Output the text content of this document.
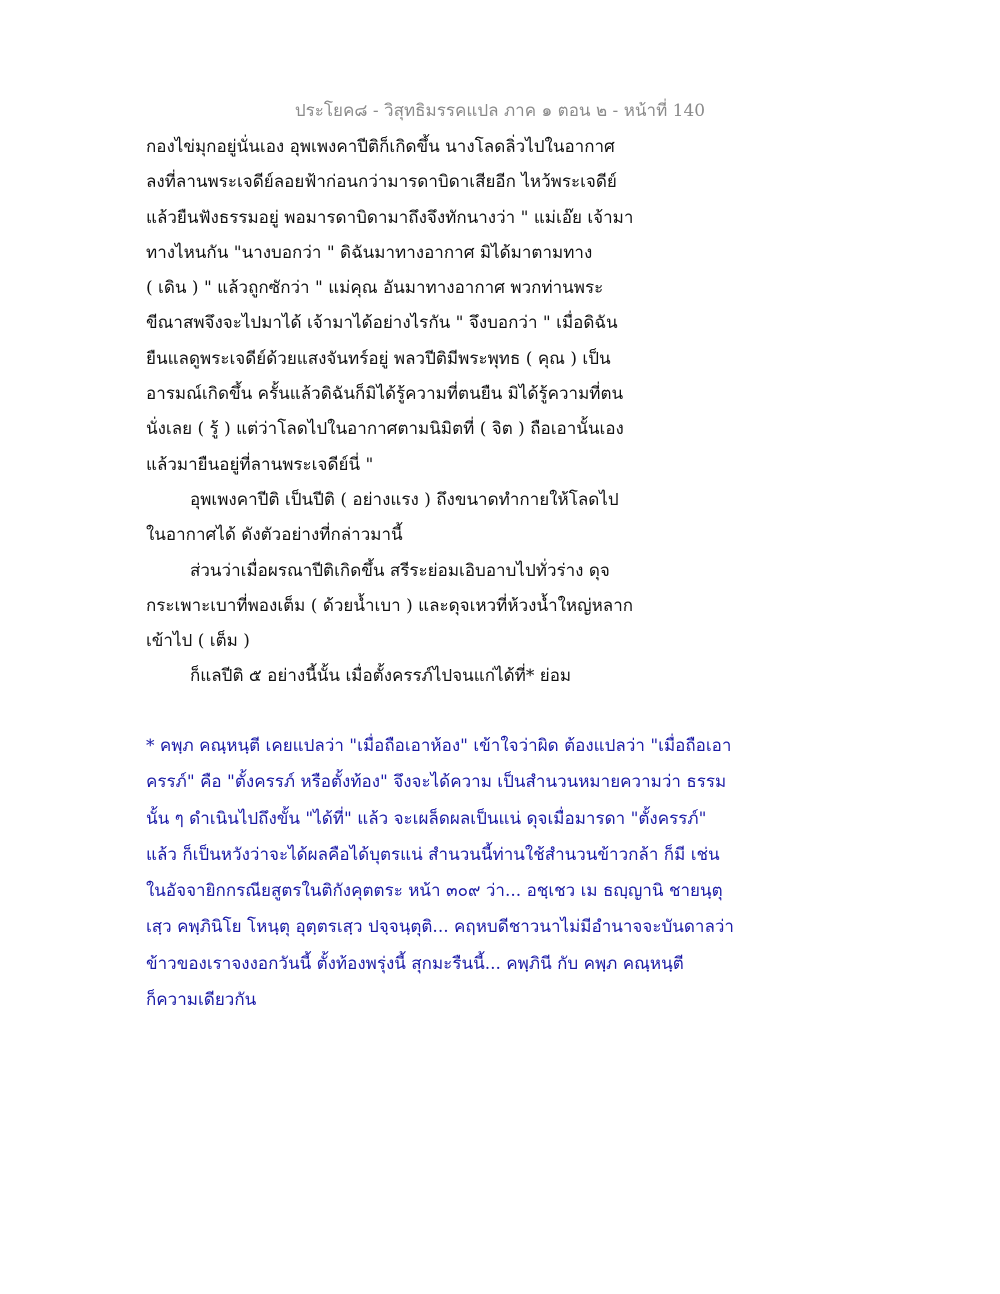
ประโยค๘ - วิสุทธิมรรคแปล ภาค ๑ ตอน ๒ - หน้าที่ 140
กองไข่มุกอยู่นั่นเอง อุพเพงคาปีติก็เกิดขึ้น นางโลดลิ่วไปในอากาศ
ลงที่ลานพระเจดีย์ลอยฟ้าก่อนกว่ามารดาบิดาเสียอีก ไหว้พระเจดีย์
แล้วยืนฟังธรรมอยู่ พอมารดาบิดามาถึงจึงทักนางว่า " แม่เอ๊ย เจ้ามา
ทางไหนกัน "นางบอกว่า " ดิฉันมาทางอากาศ มิได้มาตามทาง
( เดิน ) " แล้วถูกซักว่า " แม่คุณ อันมาทางอากาศ พวกท่านพระ
ขีณาสพจึงจะไปมาได้ เจ้ามาได้อย่างไรกัน " จึงบอกว่า " เมื่อดิฉัน
ยืนแลดูพระเจดีย์ด้วยแสงจันทร์อยู่ พลวปีติมีพระพุทธ ( คุณ ) เป็น
อารมณ์เกิดขึ้น ครั้นแล้วดิฉันก็มิได้รู้ความที่ตนยืน มิได้รู้ความที่ตน
นั่งเลย ( รู้ ) แต่ว่าโลดไปในอากาศตามนิมิตที่ ( จิต ) ถือเอานั้นเอง
แล้วมายืนอยู่ที่ลานพระเจดีย์นี่ "
อุพเพงคาปีติ เป็นปีติ ( อย่างแรง ) ถึงขนาดทำกายให้โลดไป
ในอากาศได้ ดังตัวอย่างที่กล่าวมานี้
ส่วนว่าเมื่อผรณาปีติเกิดขึ้น สรีระย่อมเอิบอาบไปทั่วร่าง ดุจ
กระเพาะเบาที่พองเต็ม ( ด้วยน้ำเบา ) และดุจเหวที่ห้วงน้ำใหญ่หลาก
เข้าไป ( เต็ม )
ก็แลปีติ ๕ อย่างนี้นั้น เมื่อตั้งครรภ์ไปจนแก่ได้ที่* ย่อม
* คพฺภ คณฺหนฺตี เคยแปลว่า "เมื่อถือเอาห้อง" เข้าใจว่าผิด ต้องแปลว่า "เมื่อถือเอา
ครรภ์" คือ "ตั้งครรภ์ หรือตั้งท้อง" จึงจะได้ความ เป็นสำนวนหมายความว่า ธรรม
นั้น ๆ ดำเนินไปถึงขั้น "ได้ที่" แล้ว จะเผล็ดผลเป็นแน่ ดุจเมื่อมารดา "ตั้งครรภ์"
แล้ว ก็เป็นหวังว่าจะได้ผลคือได้บุตรแน่ สำนวนนี้ท่านใช้สำนวนข้าวกล้า ก็มี เช่น
ในอัจจายิกกรณียสูตรในติกังคุตตระ หน้า ๓๐๙ ว่า... อชฺเชว เม ธญฺญานิ ชายนฺตุ
เสฺว คพฺภินิโย โหนฺตุ อุตฺตรเสฺว ปจฺจนฺตุติ... คฤหบดีชาวนาไม่มีอำนาจจะบันดาลว่า
ข้าวของเราจงงอกวันนี้ ตั้งท้องพรุ่งนี้ สุกมะรืนนี้... คพฺภินี กับ คพฺภ คณฺหนฺตี
ก็ความเดียวกัน
